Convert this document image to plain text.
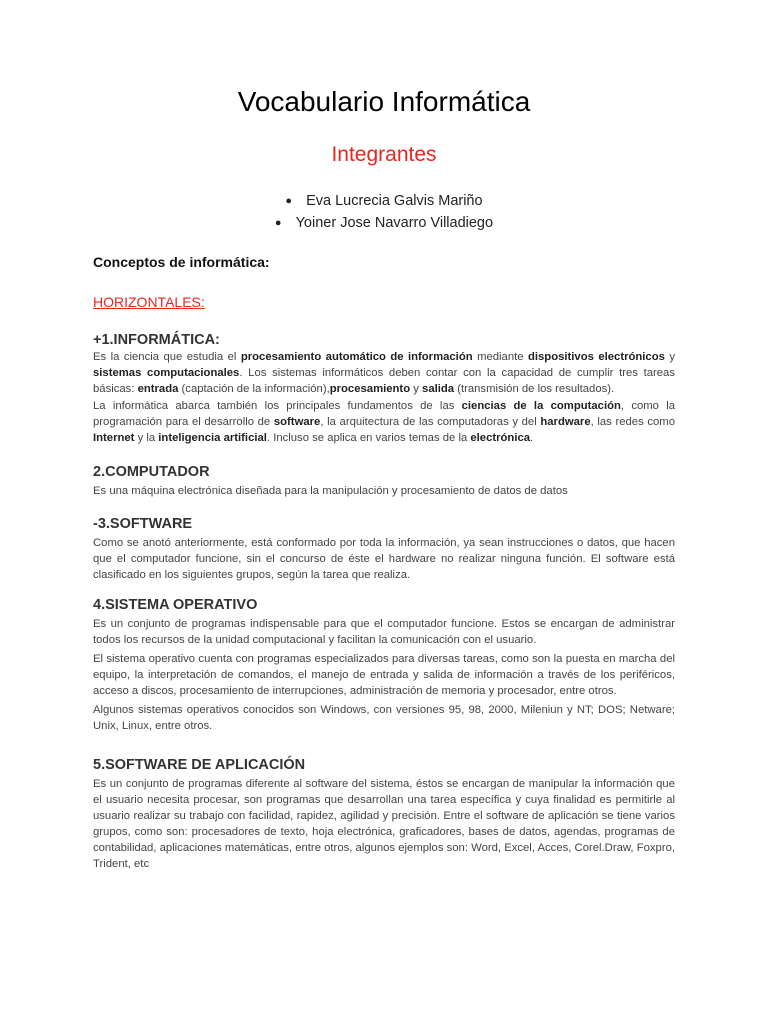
Vocabulario Informática
Integrantes
● Eva Lucrecia Galvis Mariño
● Yoiner Jose Navarro Villadiego
Conceptos de informática:
HORIZONTALES:

+1.INFORMÁTICA:

Es la ciencia que estudia el procesamiento automático de información mediante dispositivos electrónicos y sistemas computacionales. Los sistemas informáticos deben contar con la capacidad de cumplir tres tareas básicas: entrada (captación de la información),procesamiento y salida (transmisión de los resultados).

La informática abarca también los principales fundamentos de las ciencias de la computación, como la programación para el desarrollo de software, la arquitectura de las computadoras y del hardware, las redes como Internet y la inteligencia artificial. Incluso se aplica en varios temas de la electrónica.

2.COMPUTADOR

Es una máquina electrónica diseñada para la manipulación y procesamiento de datos de datos

-3.SOFTWARE

Como se anotó anteriormente, está conformado por toda la información, ya sean instrucciones o datos, que hacen que el computador funcione, sin el concurso de éste el hardware no realizar ninguna función. El software está clasificado en los siguientes grupos, según la tarea que realiza.

4.SISTEMA OPERATIVO

Es un conjunto de programas indispensable para que el computador funcione. Estos se encargan de administrar todos los recursos de la unidad computacional y facilitan la comunicación con el usuario.

El sistema operativo cuenta con programas especializados para diversas tareas, como son la puesta en marcha del equipo, la interpretación de comandos, el manejo de entrada y salida de información a través de los periféricos, acceso a discos, procesamiento de interrupciones, administración de memoria y procesador, entre otros.

Algunos sistemas operativos conocidos son Windows, con versiones 95, 98, 2000, Mileniun y NT; DOS; Netware; Unix, Linux, entre otros.

5.SOFTWARE DE APLICACIÓN

Es un conjunto de programas diferente al software del sistema, éstos se encargan de manipular la información que el usuario necesita procesar, son programas que desarrollan una tarea específica y cuya finalidad es permitirle al usuario realizar su trabajo con facilidad, rapidez, agilidad y precisión. Entre el software de aplicación se tiene varios grupos, como son: procesadores de texto, hoja electrónica, graficadores, bases de datos, agendas, programas de contabilidad, aplicaciones matemáticas, entre otros, algunos ejemplos son: Word, Excel, Acces, Corel.Draw, Foxpro, Trident, etc
